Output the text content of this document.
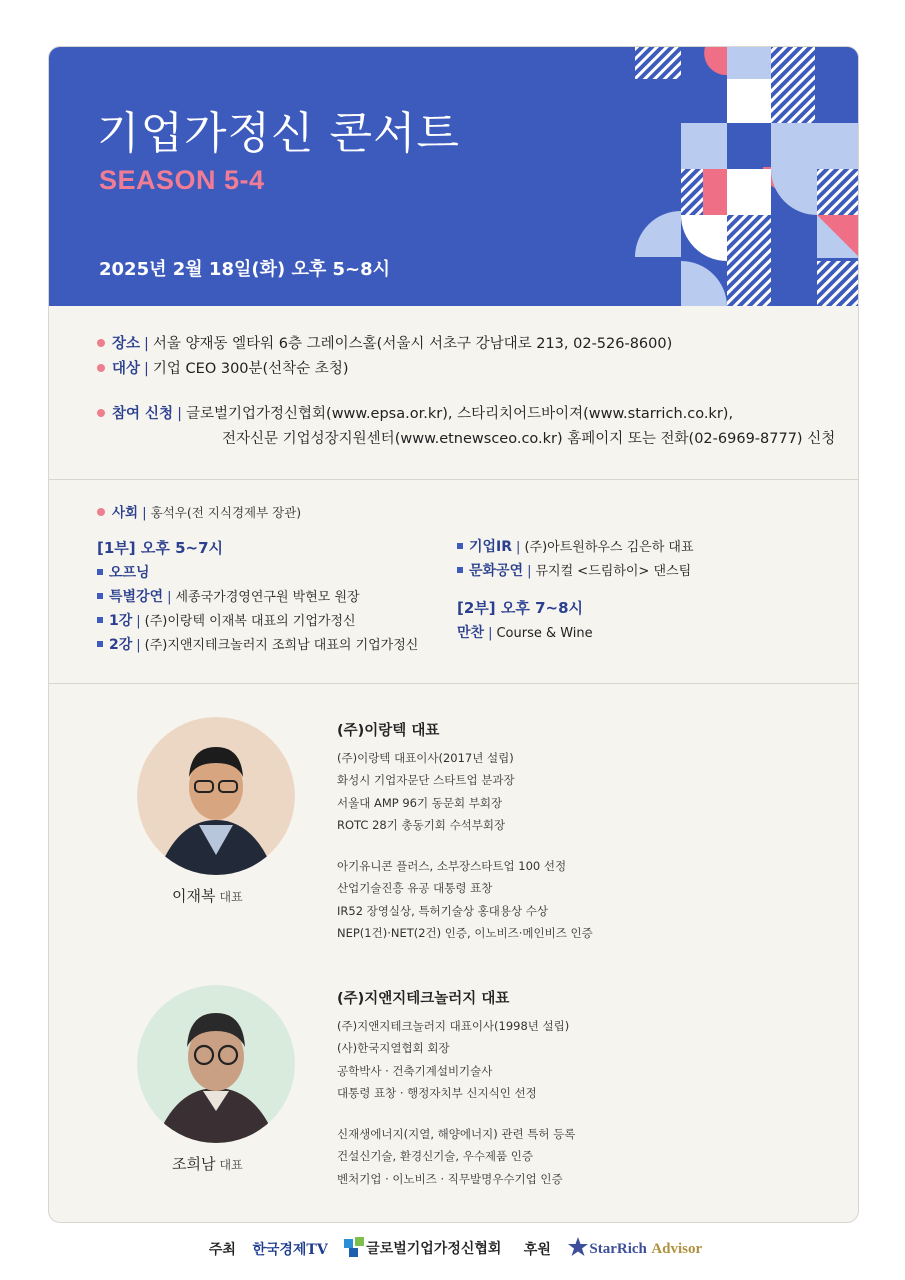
기업가정신 콘서트
SEASON 5-4
2025년 2월 18일(화) 오후 5~8시
장소 | 서울 양재동 엘타워 6층 그레이스홀(서울시 서초구 강남대로 213, 02-526-8600)
대상 | 기업 CEO 300분(선착순 초청)
참여 신청 | 글로벌기업가정신협회(www.epsa.or.kr), 스타리치어드바이져(www.starrich.co.kr),
전자신문 기업성장지원센터(www.etnewsceo.co.kr) 홈페이지 또는 전화(02-6969-8777) 신청
사회 | 홍석우(전 지식경제부 장관)
[1부] 오후 5~7시
오프닝
특별강연 | 세종국가경영연구원 박현모 원장
1강 | (주)이랑텍 이재복 대표의 기업가정신
2강 | (주)지앤지테크놀러지 조희남 대표의 기업가정신
기업IR | (주)아트원하우스 김은하 대표
문화공연 | 뮤지컬 <드림하이> 댄스팀
[2부] 오후 7~8시
만찬 | Course & Wine
이재복 대표
(주)이랑텍 대표
(주)이랑텍 대표이사(2017년 설립)
화성시 기업자문단 스타트업 분과장
서울대 AMP 96기 동문회 부회장
ROTC 28기 총동기회 수석부회장
아기유니콘 플러스, 소부장스타트업 100 선정
산업기술진흥 유공 대통령 표창
IR52 장영실상, 특허기술상 홍대용상 수상
NEP(1건)·NET(2건) 인증, 이노비즈·메인비즈 인증
조희남 대표
(주)지앤지테크놀러지 대표
(주)지앤지테크놀러지 대표이사(1998년 설립)
(사)한국지열협회 회장
공학박사 · 건축기계설비기술사
대통령 표창 · 행정자치부 신지식인 선정
신재생에너지(지열, 해양에너지) 관련 특허 등록
건설신기술, 환경신기술, 우수제품 인증
벤처기업 · 이노비즈 · 직무발명우수기업 인증
주최 한국경제TV	글로벌기업가정신협회 후원	StarRich Advisor
